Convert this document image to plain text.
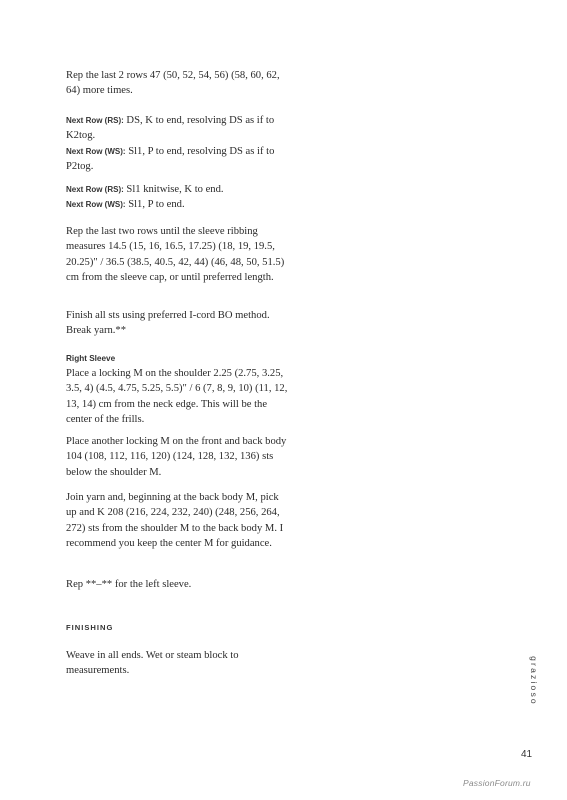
Rep the last 2 rows 47 (50, 52, 54, 56) (58, 60, 62, 64) more times.

Next Row (RS): DS, K to end, resolving DS as if to K2tog.

Next Row (WS): Sl1, P to end, resolving DS as if to P2tog.

Next Row (RS): Sl1 knitwise, K to end.

Next Row (WS): Sl1, P to end.

Rep the last two rows until the sleeve ribbing measures 14.5 (15, 16, 16.5, 17.25) (18, 19, 19.5, 20.25)" / 36.5 (38.5, 40.5, 42, 44) (46, 48, 50, 51.5) cm from the sleeve cap, or until preferred length.

Finish all sts using preferred I-cord BO method. Break yarn.**

Right Sleeve

Place a locking M on the shoulder 2.25 (2.75, 3.25, 3.5, 4) (4.5, 4.75, 5.25, 5.5)" / 6 (7, 8, 9, 10) (11, 12, 13, 14) cm from the neck edge. This will be the center of the frills.

Place another locking M on the front and back body 104 (108, 112, 116, 120) (124, 128, 132, 136) sts below the shoulder M.

Join yarn and, beginning at the back body M, pick up and K 208 (216, 224, 232, 240) (248, 256, 264, 272) sts from the shoulder M to the back body M. I recommend you keep the center M for guidance.

Rep **–** for the left sleeve.

FINISHING

Weave in all ends. Wet or steam block to measurements.	grazioso
41
PassionForum.ru
